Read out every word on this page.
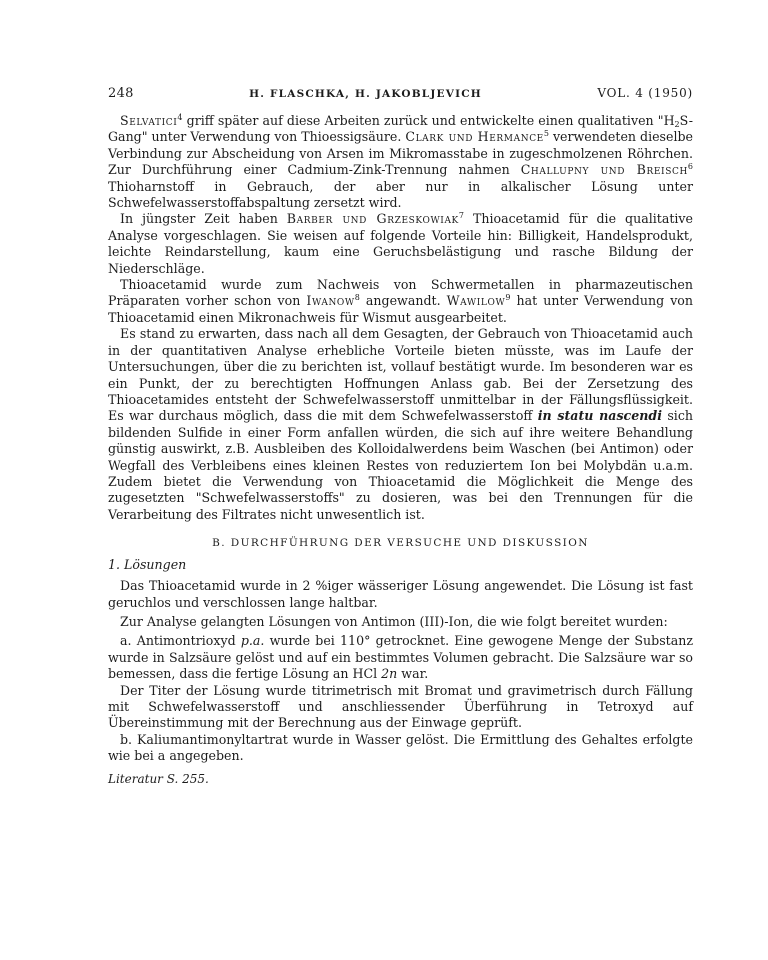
248	H. FLASCHKA, H. JAKOBLJEVICH	VOL. 4 (1950)

Selvatici$^4$ griff später auf diese Arbeiten zurück und entwickelte einen qualitativen "$H_2S$-Gang" unter Verwendung von Thioessigsäure. Clark und Hermance$^5$ verwendeten dieselbe Verbindung zur Abscheidung von Arsen im Mikromasstabe in zugeschmolzenen Röhrchen. Zur Durchführung einer Cadmium-Zink-Trennung nahmen Challupny und Breisch$^6$ Thioharnstoff in Gebrauch, der aber nur in alkalischer Lösung unter Schwefelwasserstoffabspaltung zersetzt wird.

In jüngster Zeit haben Barber und Grzeskowiak$^7$ Thioacetamid für die qualitative Analyse vorgeschlagen. Sie weisen auf folgende Vorteile hin: Billigkeit, Handelsprodukt, leichte Reindarstellung, kaum eine Geruchsbelästigung und rasche Bildung der Niederschläge.

Thioacetamid wurde zum Nachweis von Schwermetallen in pharmazeutischen Präparaten vorher schon von Iwanow$^8$ angewandt. Wawilow$^9$ hat unter Verwendung von Thioacetamid einen Mikronachweis für Wismut ausgearbeitet.

Es stand zu erwarten, dass nach all dem Gesagten, der Gebrauch von Thioacetamid auch in der quantitativen Analyse erhebliche Vorteile bieten müsste, was im Laufe der Untersuchungen, über die zu berichten ist, vollauf bestätigt wurde. Im besonderen war es ein Punkt, der zu berechtigten Hoffnungen Anlass gab. Bei der Zersetzung des Thioacetamides entsteht der Schwefelwasserstoff unmittelbar in der Fällungsflüssigkeit. Es war durchaus möglich, dass die mit dem Schwefelwasserstoff in statu nascendi sich bildenden Sulfide in einer Form anfallen würden, die sich auf ihre weitere Behandlung günstig auswirkt, z.B. Ausbleiben des Kolloidalwerdens beim Waschen (bei Antimon) oder Wegfall des Verbleibens eines kleinen Restes von reduziertem Ion bei Molybdän u.a.m. Zudem bietet die Verwendung von Thioacetamid die Möglichkeit die Menge des zugesetzten "Schwefelwasserstoffs" zu dosieren, was bei den Trennungen für die Verarbeitung des Filtrates nicht unwesentlich ist.

B. DURCHFÜHRUNG DER VERSUCHE UND DISKUSSION
1. Lösungen

Das Thioacetamid wurde in 2 %iger wässeriger Lösung angewendet. Die Lösung ist fast geruchlos und verschlossen lange haltbar.

Zur Analyse gelangten Lösungen von Antimon (III)-Ion, die wie folgt bereitet wurden:

a. Antimontrioxyd p.a. wurde bei 110° getrocknet. Eine gewogene Menge der Substanz wurde in Salzsäure gelöst und auf ein bestimmtes Volumen gebracht. Die Salzsäure war so bemessen, dass die fertige Lösung an HCl 2n war.

Der Titer der Lösung wurde titrimetrisch mit Bromat und gravimetrisch durch Fällung mit Schwefelwasserstoff und anschliessender Überführung in Tetroxyd auf Übereinstimmung mit der Berechnung aus der Einwage geprüft.

b. Kaliumantimonyltartrat wurde in Wasser gelöst. Die Ermittlung des Gehaltes erfolgte wie bei a angegeben.

Literatur S. 255.
